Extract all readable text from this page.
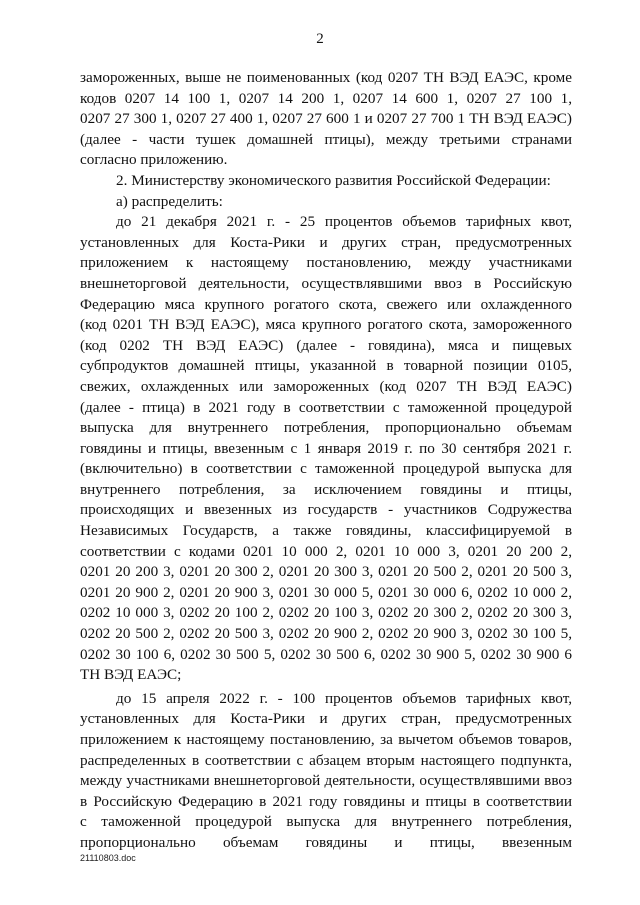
2
замороженных, выше не поименованных (код 0207 ТН ВЭД ЕАЭС, кроме
кодов 0207 14 100 1, 0207 14 200 1, 0207 14 600 1, 0207 27 100 1,
0207 27 300 1, 0207 27 400 1, 0207 27 600 1 и 0207 27 700 1 ТН ВЭД ЕАЭС)
(далее - части тушек домашней птицы), между третьими странами
согласно приложению.
2. Министерству экономического развития Российской Федерации:
а) распределить:
до 21 декабря 2021 г. - 25 процентов объемов тарифных квот,
установленных для Коста-Рики и других стран, предусмотренных
приложением к настоящему постановлению, между участниками
внешнеторговой деятельности, осуществлявшими ввоз в Российскую
Федерацию мяса крупного рогатого скота, свежего или охлажденного
(код 0201 ТН ВЭД ЕАЭС), мяса крупного рогатого скота, замороженного
(код 0202 ТН ВЭД ЕАЭС) (далее - говядина), мяса и пищевых
субпродуктов домашней птицы, указанной в товарной позиции 0105,
свежих, охлажденных или замороженных (код 0207 ТН ВЭД ЕАЭС)
(далее - птица) в 2021 году в соответствии с таможенной процедурой
выпуска для внутреннего потребления, пропорционально объемам
говядины и птицы, ввезенным с 1 января 2019 г. по 30 сентября 2021 г.
(включительно) в соответствии с таможенной процедурой выпуска для
внутреннего потребления, за исключением говядины и птицы,
происходящих и ввезенных из государств - участников Содружества
Независимых Государств, а также говядины, классифицируемой в
соответствии с кодами 0201 10 000 2, 0201 10 000 3, 0201 20 200 2,
0201 20 200 3, 0201 20 300 2, 0201 20 300 3, 0201 20 500 2, 0201 20 500 3,
0201 20 900 2, 0201 20 900 3, 0201 30 000 5, 0201 30 000 6, 0202 10 000 2,
0202 10 000 3, 0202 20 100 2, 0202 20 100 3, 0202 20 300 2, 0202 20 300 3,
0202 20 500 2, 0202 20 500 3, 0202 20 900 2, 0202 20 900 3, 0202 30 100 5,
0202 30 100 6, 0202 30 500 5, 0202 30 500 6, 0202 30 900 5, 0202 30 900 6
ТН ВЭД ЕАЭС;
до 15 апреля 2022 г. - 100 процентов объемов тарифных квот,
установленных для Коста-Рики и других стран, предусмотренных
приложением к настоящему постановлению, за вычетом объемов товаров,
распределенных в соответствии с абзацем вторым настоящего подпункта,
между участниками внешнеторговой деятельности, осуществлявшими ввоз
в Российскую Федерацию в 2021 году говядины и птицы в соответствии
с таможенной процедурой выпуска для внутреннего потребления,
пропорционально объемам говядины и птицы, ввезенным
21110803.doc
